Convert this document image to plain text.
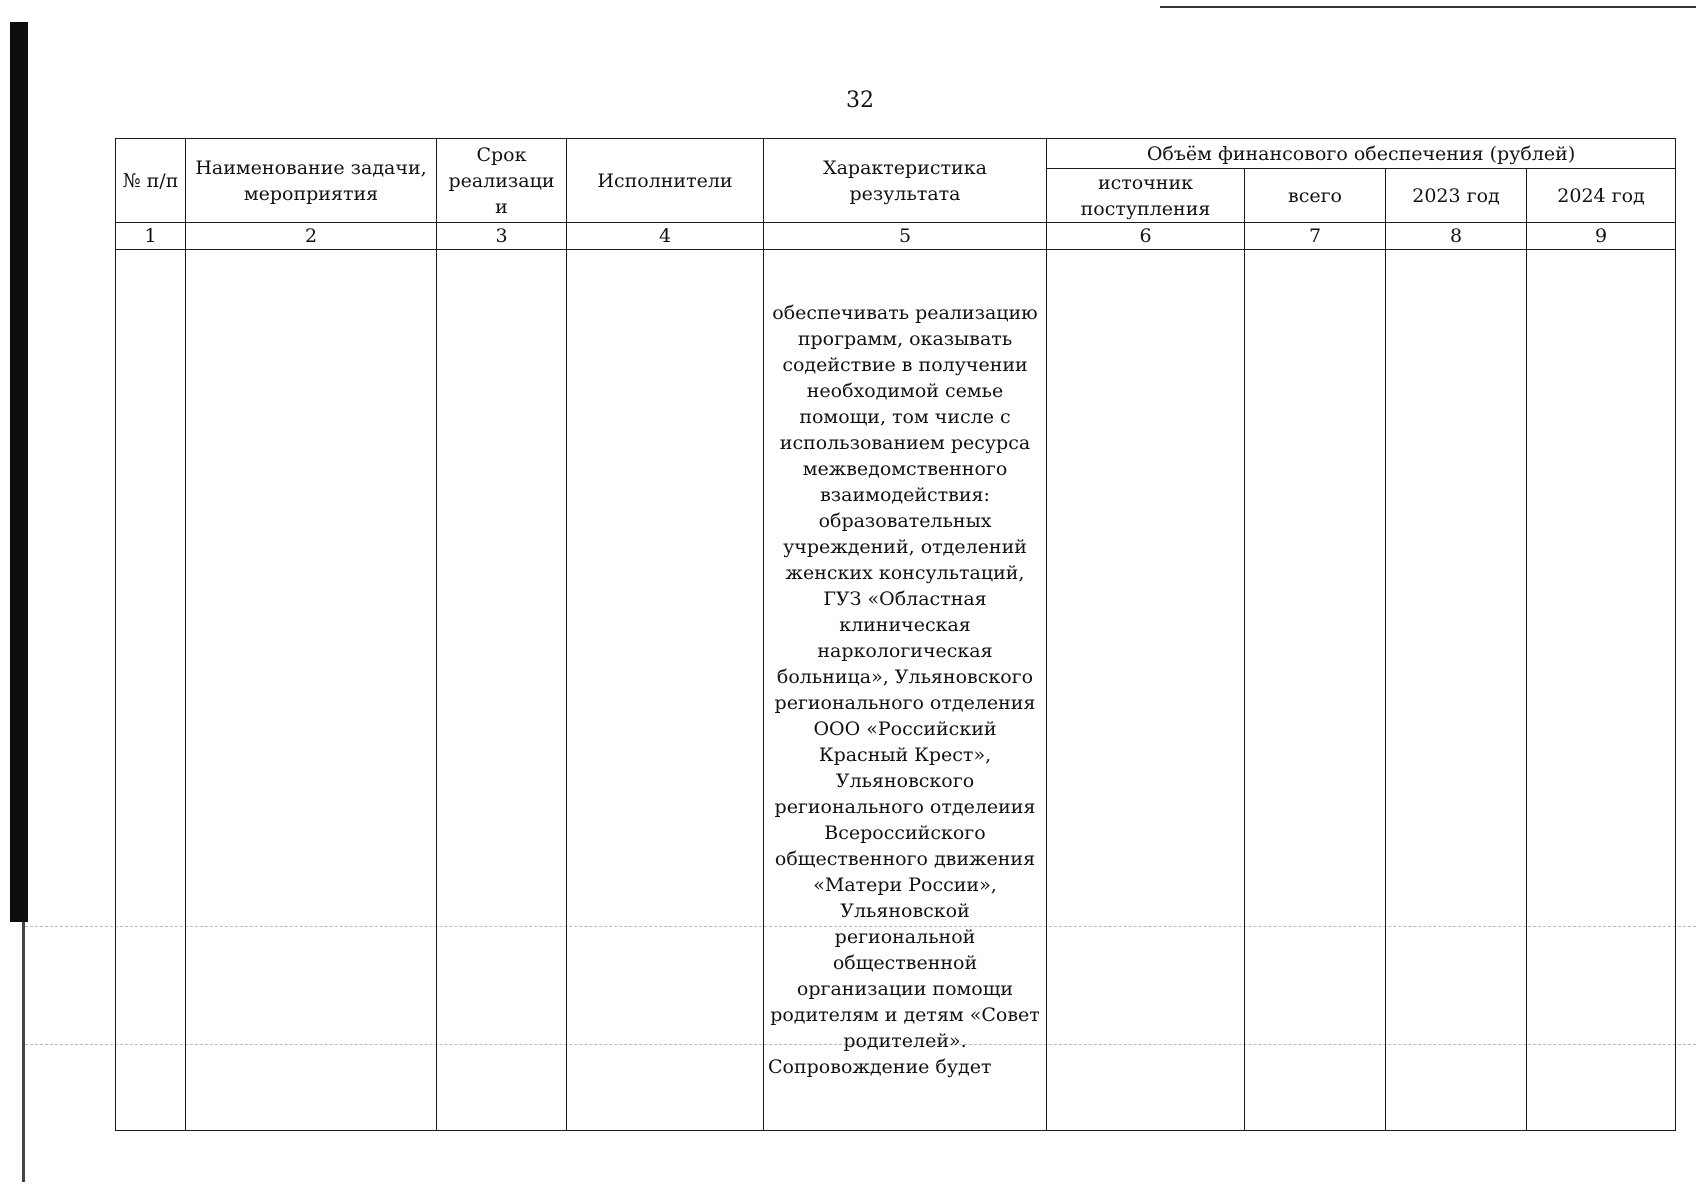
32
№ п/п	Наименование задачи, мероприятия	Срок реализаци и	Исполнители	Характеристика результата	Объём финансового обеспечения (рублей)			
					источник поступления	всего	2023 год	2024 год
1	2	3	4	5	6	7	8	9
				обеспечивать реализацию программ, оказывать содействие в получении необходимой семье помощи, том числе с использованием ресурса межведомственного взаимодействия: образовательных учреждений, отделений женских консультаций, ГУЗ «Областная клиническая наркологическая больница», Ульяновского регионального отделения ООО «Российский Красный Крест», Ульяновского регионального отделеиия Всероссийского общественного движения «Матери России», Ульяновской региональной общественной организации помощи родителям и детям «Совет родителей». Сопровождение будет				
